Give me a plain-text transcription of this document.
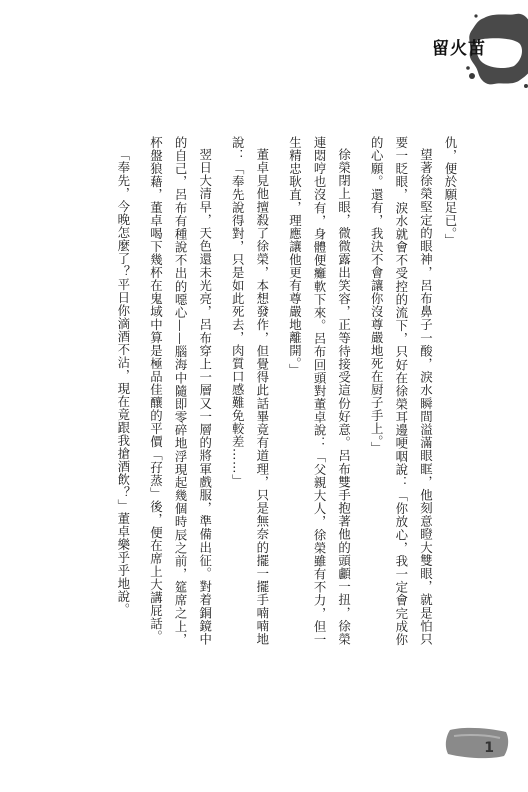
留火苗

仇，便於願足已。」

望著徐榮堅定的眼神，呂布鼻子一酸，淚水瞬間溢滿眼眶，他刻意瞪大雙眼，就是怕只要一眨眼，淚水就會不受控的流下，只好在徐榮耳邊哽咽說：「你放心，我一定會完成你的心願。還有，我決不會讓你沒尊嚴地死在厨子手上。」

徐榮閉上眼，微微露出笑容，正等待接受這份好意。呂布雙手抱著他的頭顱一扭，徐榮連悶哼也沒有，身體便癱軟下來。呂布回頭對董卓說：「父親大人，徐榮雖有不力，但一生精忠耿直，理應讓他更有尊嚴地離開。」

董卓見他擅殺了徐榮，本想發作，但覺得此話畢竟有道理，只是無奈的擺一擺手喃喃地說：「奉先說得對，只是如此死去，肉質口感難免較差……」

翌日大清早，天色還未光亮，呂布穿上一層又一層的將軍戲服，準備出征。對着銅鏡中的自己，呂布有種說不出的噁心——腦海中隨即零碎地浮現起幾個時辰之前，筵席之上，杯盤狼藉，董卓喝下幾杯在鬼域中算是極品佳釀的平價「孖蒸」後，便在席上大講屁話。

「奉先，今晚怎麼了？平日你滴酒不沾，現在竟跟我搶酒飲？」董卓樂乎乎地說。

1
